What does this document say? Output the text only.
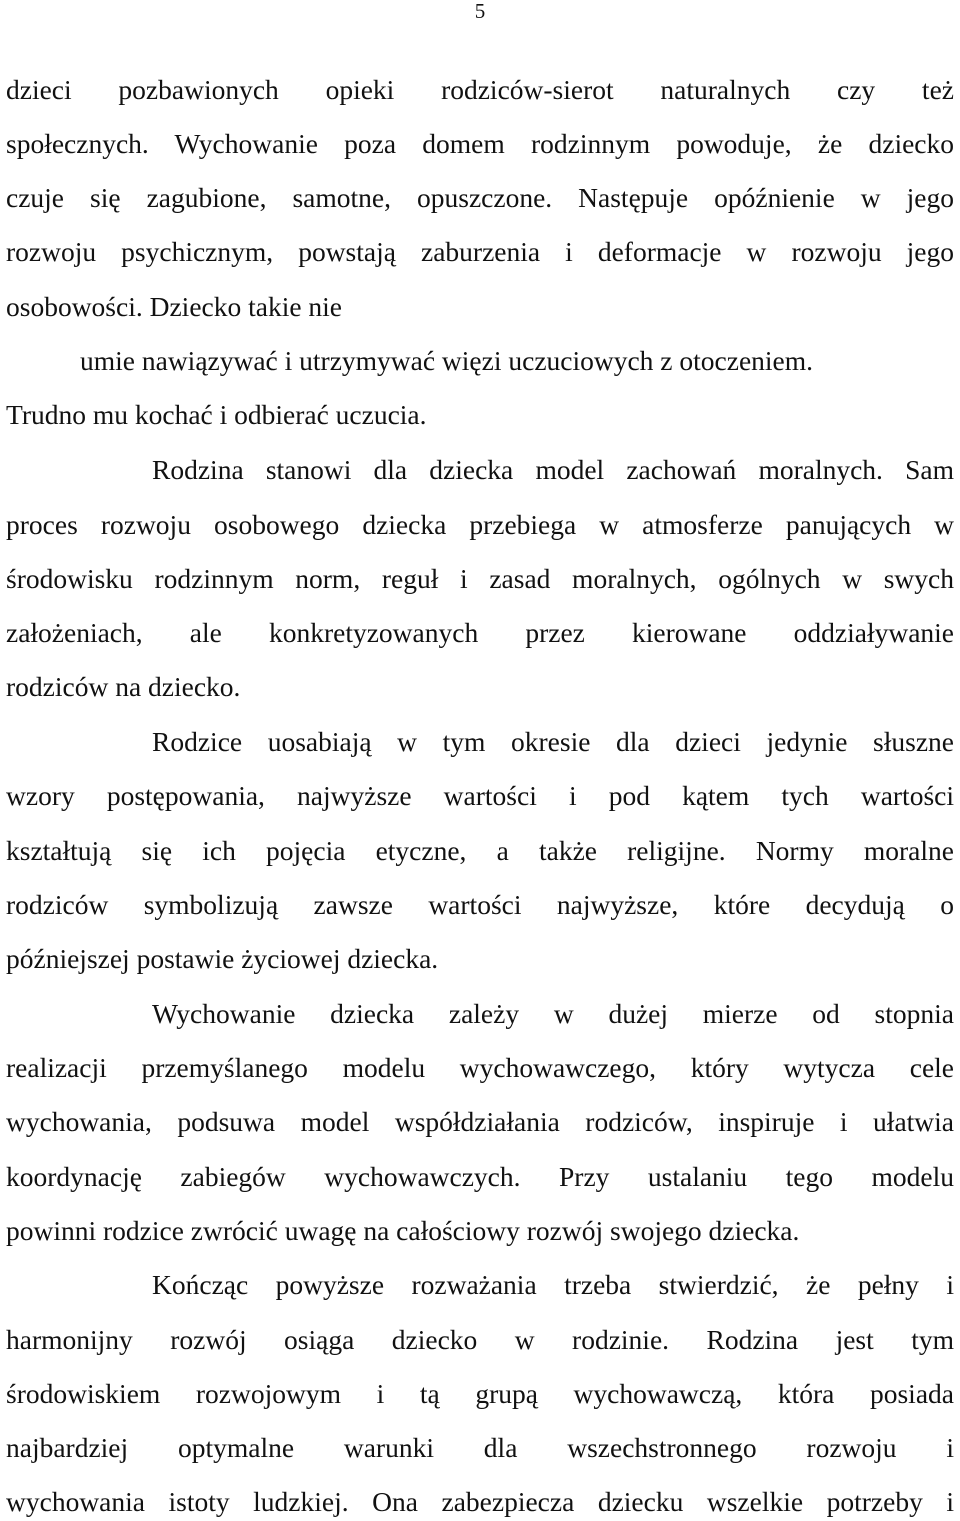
5
dzieci pozbawionych opieki rodziców-sierot naturalnych czy też
społecznych. Wychowanie poza domem rodzinnym powoduje, że dziecko
czuje się zagubione, samotne, opuszczone. Następuje opóźnienie w jego
rozwoju psychicznym, powstają zaburzenia i deformacje w rozwoju jego
osobowości. Dziecko takie nie
umie nawiązywać i utrzymywać więzi uczuciowych z otoczeniem.
Trudno mu kochać i odbierać uczucia.
Rodzina stanowi dla dziecka model zachowań moralnych. Sam
proces rozwoju osobowego dziecka przebiega w atmosferze panujących w
środowisku rodzinnym norm, reguł i zasad moralnych, ogólnych w swych
założeniach, ale konkretyzowanych przez kierowane oddziaływanie
rodziców na dziecko.
Rodzice uosabiają w tym okresie dla dzieci jedynie słuszne
wzory postępowania, najwyższe wartości i pod kątem tych wartości
kształtują się ich pojęcia etyczne, a także religijne. Normy moralne
rodziców symbolizują zawsze wartości najwyższe, które decydują o
późniejszej postawie życiowej dziecka.
Wychowanie dziecka zależy w dużej mierze od stopnia
realizacji przemyślanego modelu wychowawczego, który wytycza cele
wychowania, podsuwa model współdziałania rodziców, inspiruje i ułatwia
koordynację zabiegów wychowawczych. Przy ustalaniu tego modelu
powinni rodzice zwrócić uwagę na całościowy rozwój swojego dziecka.
Kończąc powyższe rozważania trzeba stwierdzić, że pełny i
harmonijny rozwój osiąga dziecko w rodzinie. Rodzina jest tym
środowiskiem rozwojowym i tą grupą wychowawczą, która posiada
najbardziej optymalne warunki dla wszechstronnego rozwoju i
wychowania istoty ludzkiej. Ona zabezpiecza dziecku wszelkie potrzeby i
